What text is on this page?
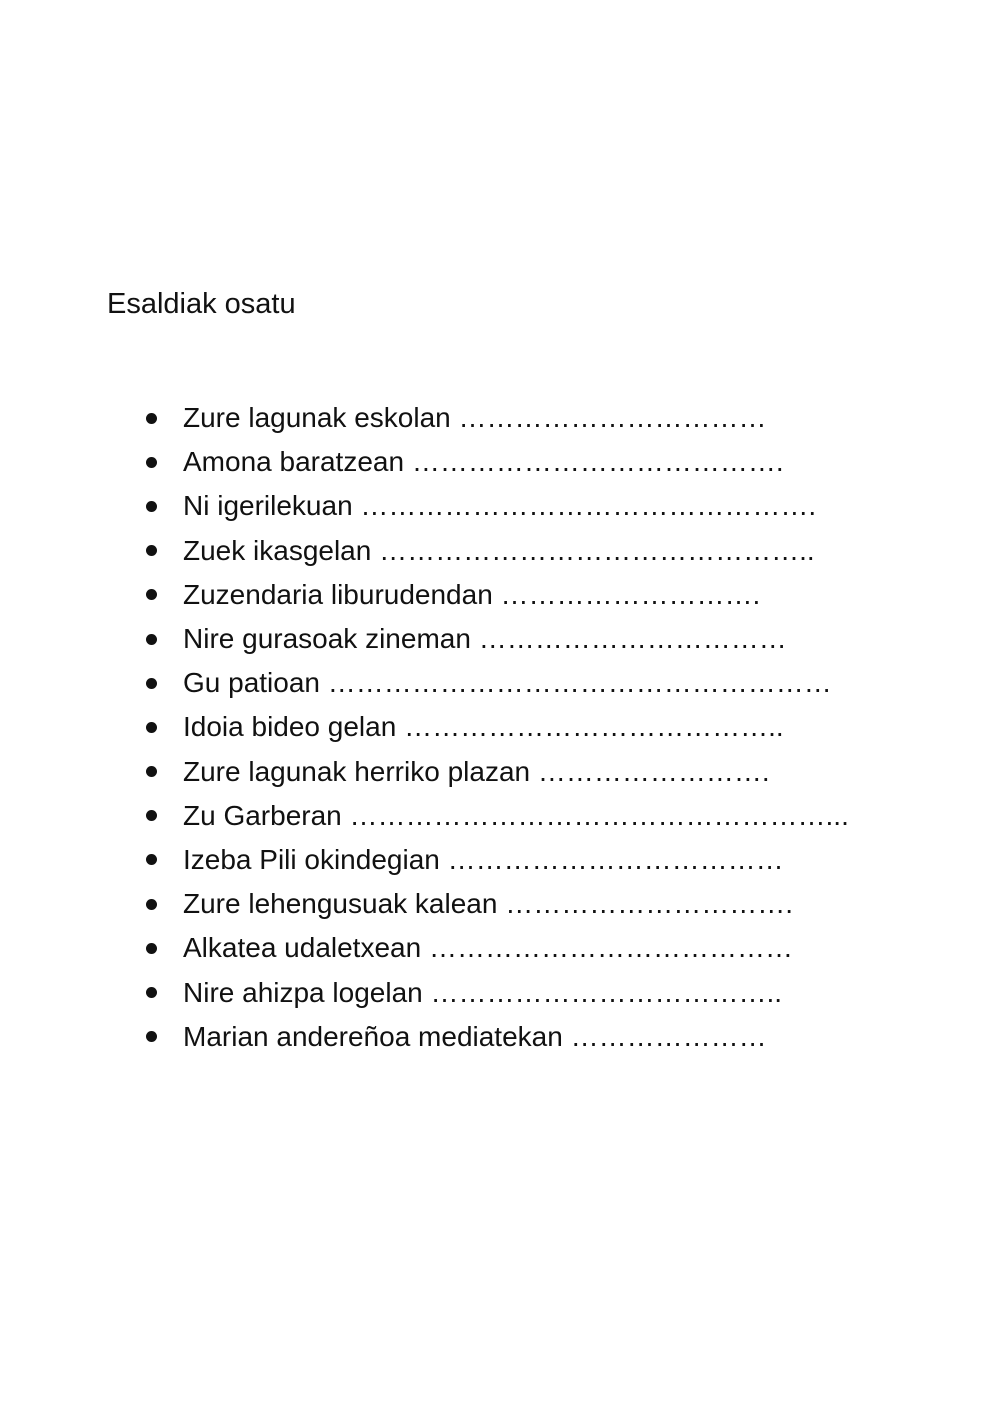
Esaldiak osatu
Zure lagunak eskolan ……………………………
Amona baratzean ………………………………….
Ni igerilekuan ………………………………………….
Zuek ikasgelan ………………………………………..
Zuzendaria liburudendan ……………………….
Nire gurasoak zineman ……………………………
Gu patioan ………………………………………………
Idoia bideo gelan …………………………………..
Zure lagunak herriko plazan …………………….
Zu Garberan ……………………………………………...
Izeba Pili okindegian ………………………………
Zure lehengusuak kalean ………………………….
Alkatea udaletxean …………………………………
Nire ahizpa logelan ………………………………..
Marian andereñoa mediatekan …………………
